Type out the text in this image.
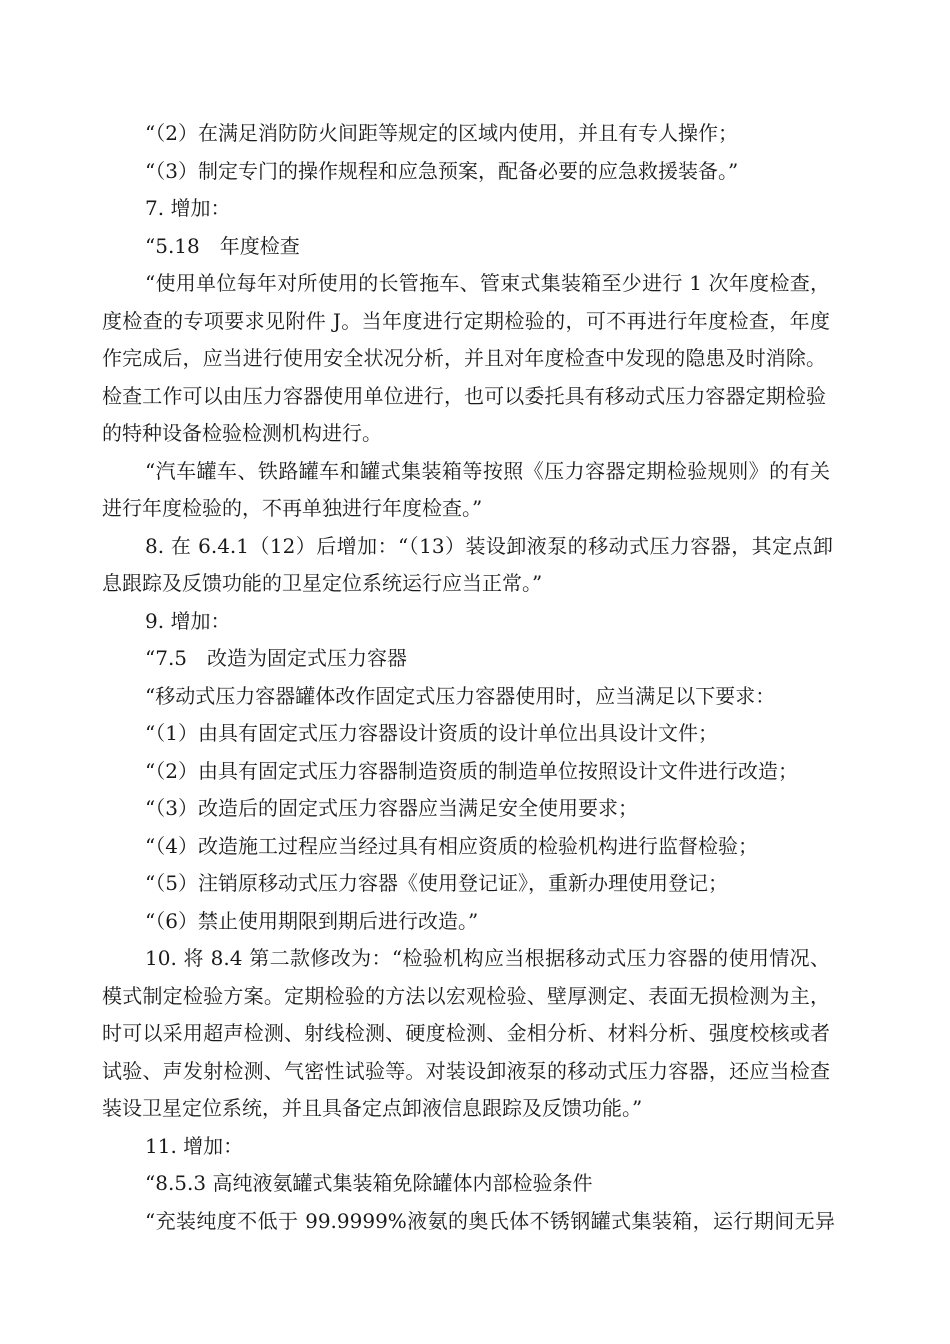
“（2）在满足消防防火间距等规定的区域内使用，并且有专人操作；
“（3）制定专门的操作规程和应急预案，配备必要的应急救援装备。”
7. 增加：
“5.18　年度检查
“使用单位每年对所使用的长管拖车、管束式集装箱至少进行 1 次年度检查，
度检查的专项要求见附件 J。当年度进行定期检验的，可不再进行年度检查，年度
作完成后，应当进行使用安全状况分析，并且对年度检查中发现的隐患及时消除。
检查工作可以由压力容器使用单位进行，也可以委托具有移动式压力容器定期检验
的特种设备检验检测机构进行。
“汽车罐车、铁路罐车和罐式集装箱等按照《压力容器定期检验规则》的有关
进行年度检验的，不再单独进行年度检查。”
8. 在 6.4.1（12）后增加：“（13）装设卸液泵的移动式压力容器，其定点卸
息跟踪及反馈功能的卫星定位系统运行应当正常。”
9. 增加：
“7.5　改造为固定式压力容器
“移动式压力容器罐体改作固定式压力容器使用时，应当满足以下要求：
“（1）由具有固定式压力容器设计资质的设计单位出具设计文件；
“（2）由具有固定式压力容器制造资质的制造单位按照设计文件进行改造；
“（3）改造后的固定式压力容器应当满足安全使用要求；
“（4）改造施工过程应当经过具有相应资质的检验机构进行监督检验；
“（5）注销原移动式压力容器《使用登记证》，重新办理使用登记；
“（6）禁止使用期限到期后进行改造。”
10. 将 8.4 第二款修改为：“检验机构应当根据移动式压力容器的使用情况、
模式制定检验方案。定期检验的方法以宏观检验、壁厚测定、表面无损检测为主，
时可以采用超声检测、射线检测、硬度检测、金相分析、材料分析、强度校核或者
试验、声发射检测、气密性试验等。对装设卸液泵的移动式压力容器，还应当检查
装设卫星定位系统，并且具备定点卸液信息跟踪及反馈功能。”
11. 增加：
“8.5.3 高纯液氨罐式集装箱免除罐体内部检验条件
“充装纯度不低于 99.9999%液氨的奥氏体不锈钢罐式集装箱，运行期间无异
